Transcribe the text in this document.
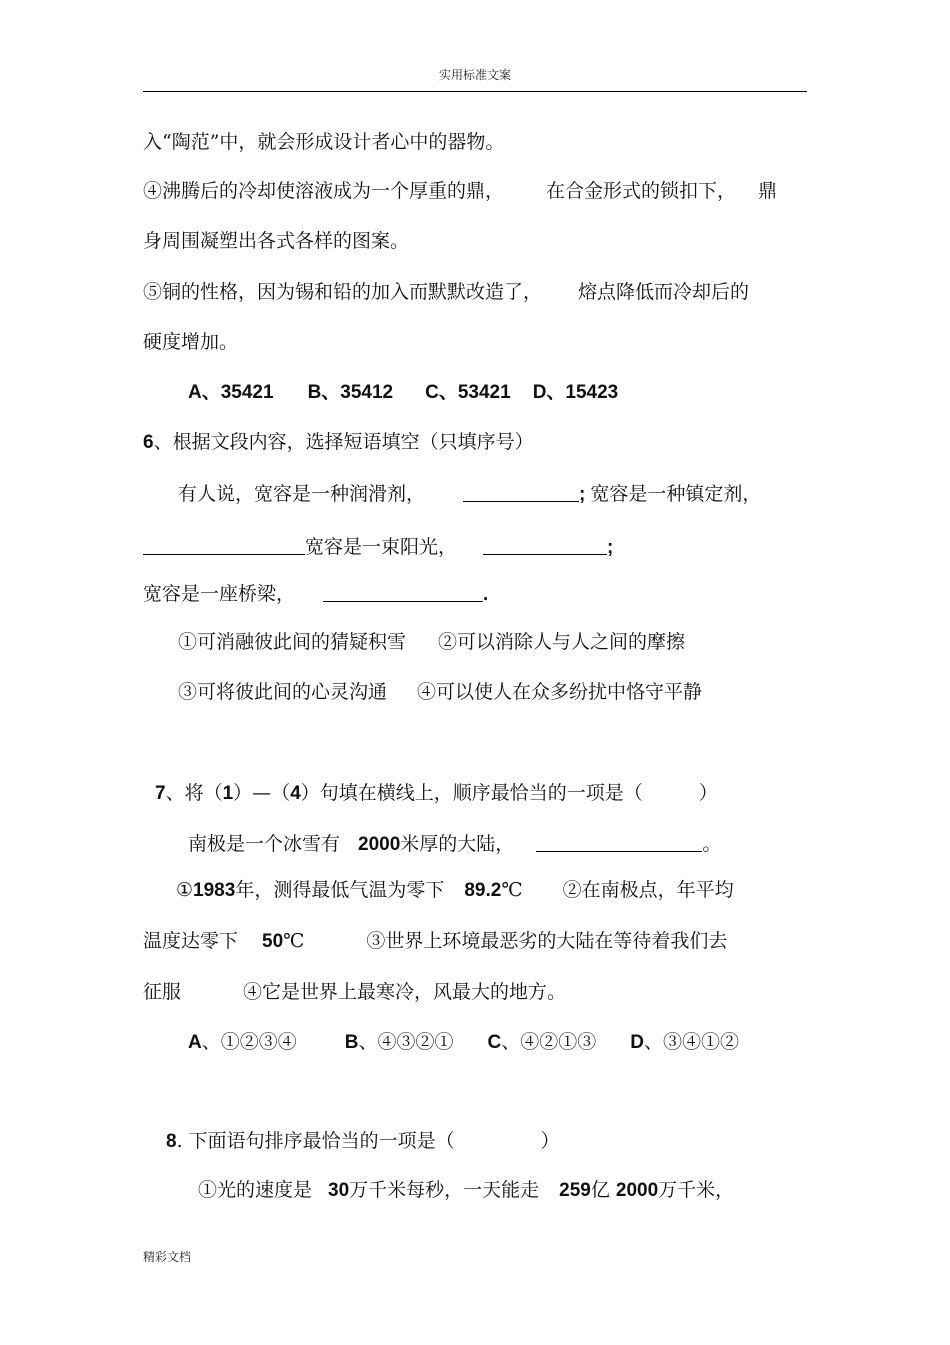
实用标准文案
入“陶范”中，就会形成设计者心中的器物。
④沸腾后的冷却使溶液成为一个厚重的鼎， 在合金形式的锁扣下， 鼎
身周围凝塑出各式各样的图案。
⑤铜的性格，因为锡和铅的加入而默默改造了， 熔点降低而冷却后的
硬度增加。
A、35421 B、35412 C、53421 D、15423
6、根据文段内容，选择短语填空（只填序号）
有人说，宽容是一种润滑剂，	; 宽容是一种镇定剂，
宽容是一束阳光，	;
宽容是一座桥梁，	.
①可消融彼此间的猜疑积雪 ②可以消除人与人之间的摩擦
③可将彼此间的心灵沟通 ④可以使人在众多纷扰中恪守平静
7、将（1）—（4）句填在横线上，顺序最恰当的一项是（	）
南极是一个冰雪有 2000米厚的大陆，	。
①1983年，测得最低气温为零下 89.2℃ ②在南极点，年平均
温度达零下 50℃	③世界上环境最恶劣的大陆在等待着我们去
征服	④它是世界上最寒冷，风最大的地方。
A、①②③④	B、④③②① C、④②①③ D、③④①②
8. 下面语句排序最恰当的一项是（	）
①光的速度是 30万千米每秒，一天能走 259亿 2000万千米，
精彩文档
